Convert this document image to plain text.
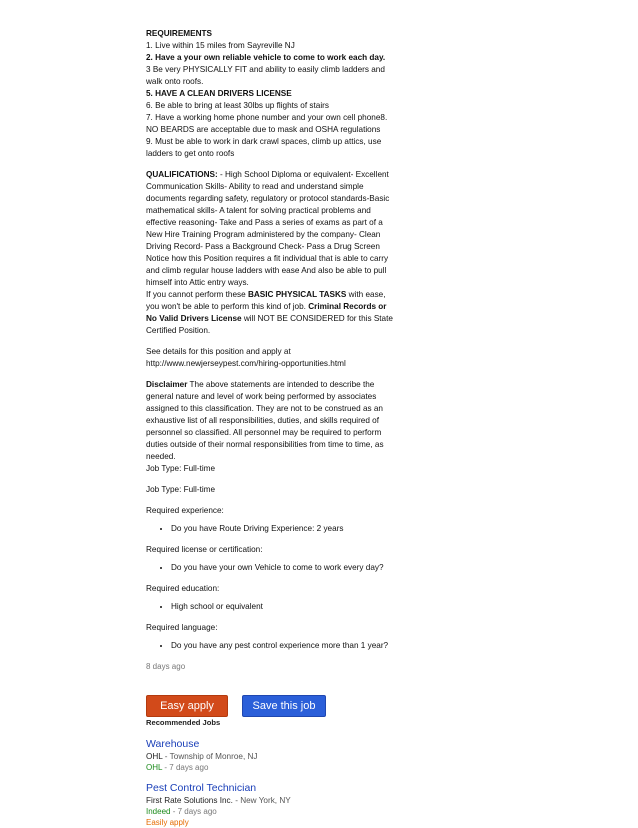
REQUIREMENTS

1. Live within 15 miles from Sayreville NJ

2. Have a your own reliable vehicle to come to work each day.

3 Be very PHYSICALLY FIT and ability to easily climb ladders and walk onto roofs.

5. HAVE A CLEAN DRIVERS LICENSE

6. Be able to bring at least 30lbs up flights of stairs

7. Have a working home phone number and your own cell phone8. NO BEARDS are acceptable due to mask and OSHA regulations

9. Must be able to work in dark crawl spaces, climb up attics, use ladders to get onto roofs

QUALIFICATIONS: - High School Diploma or equivalent- Excellent Communication Skills- Ability to read and understand simple documents regarding safety, regulatory or protocol standards-Basic mathematical skills- A talent for solving practical problems and effective reasoning- Take and Pass a series of exams as part of a New Hire Training Program administered by the company- Clean Driving Record- Pass a Background Check- Pass a Drug Screen Notice how this Position requires a fit individual that is able to carry and climb regular house ladders with ease And also be able to pull himself into Attic entry ways.

If you cannot perform these BASIC PHYSICAL TASKS with ease, you won't be able to perform this kind of job. Criminal Records or No Valid Drivers License will NOT BE CONSIDERED for this State Certified Position.

See details for this position and apply at

http://www.newjerseypest.com/hiring-opportunities.html

Disclaimer The above statements are intended to describe the general nature and level of work being performed by associates assigned to this classification. They are not to be construed as an exhaustive list of all responsibilities, duties, and skills required of personnel so classified. All personnel may be required to perform duties outside of their normal responsibilities from time to time, as needed.

Job Type: Full-time

Job Type: Full-time

Required experience:

• Do you have Route Driving Experience: 2 years

Required license or certification:

• Do you have your own Vehicle to come to work every day?

Required education:

• High school or equivalent

Required language:

• Do you have any pest control experience more than 1 year?

8 days ago

Easy apply	Save this job

Recommended Jobs

Warehouse
OHL - Township of Monroe, NJ
OHL - 7 days ago
Pest Control Technician
First Rate Solutions Inc. - New York, NY
Indeed - 7 days ago
Easily apply
